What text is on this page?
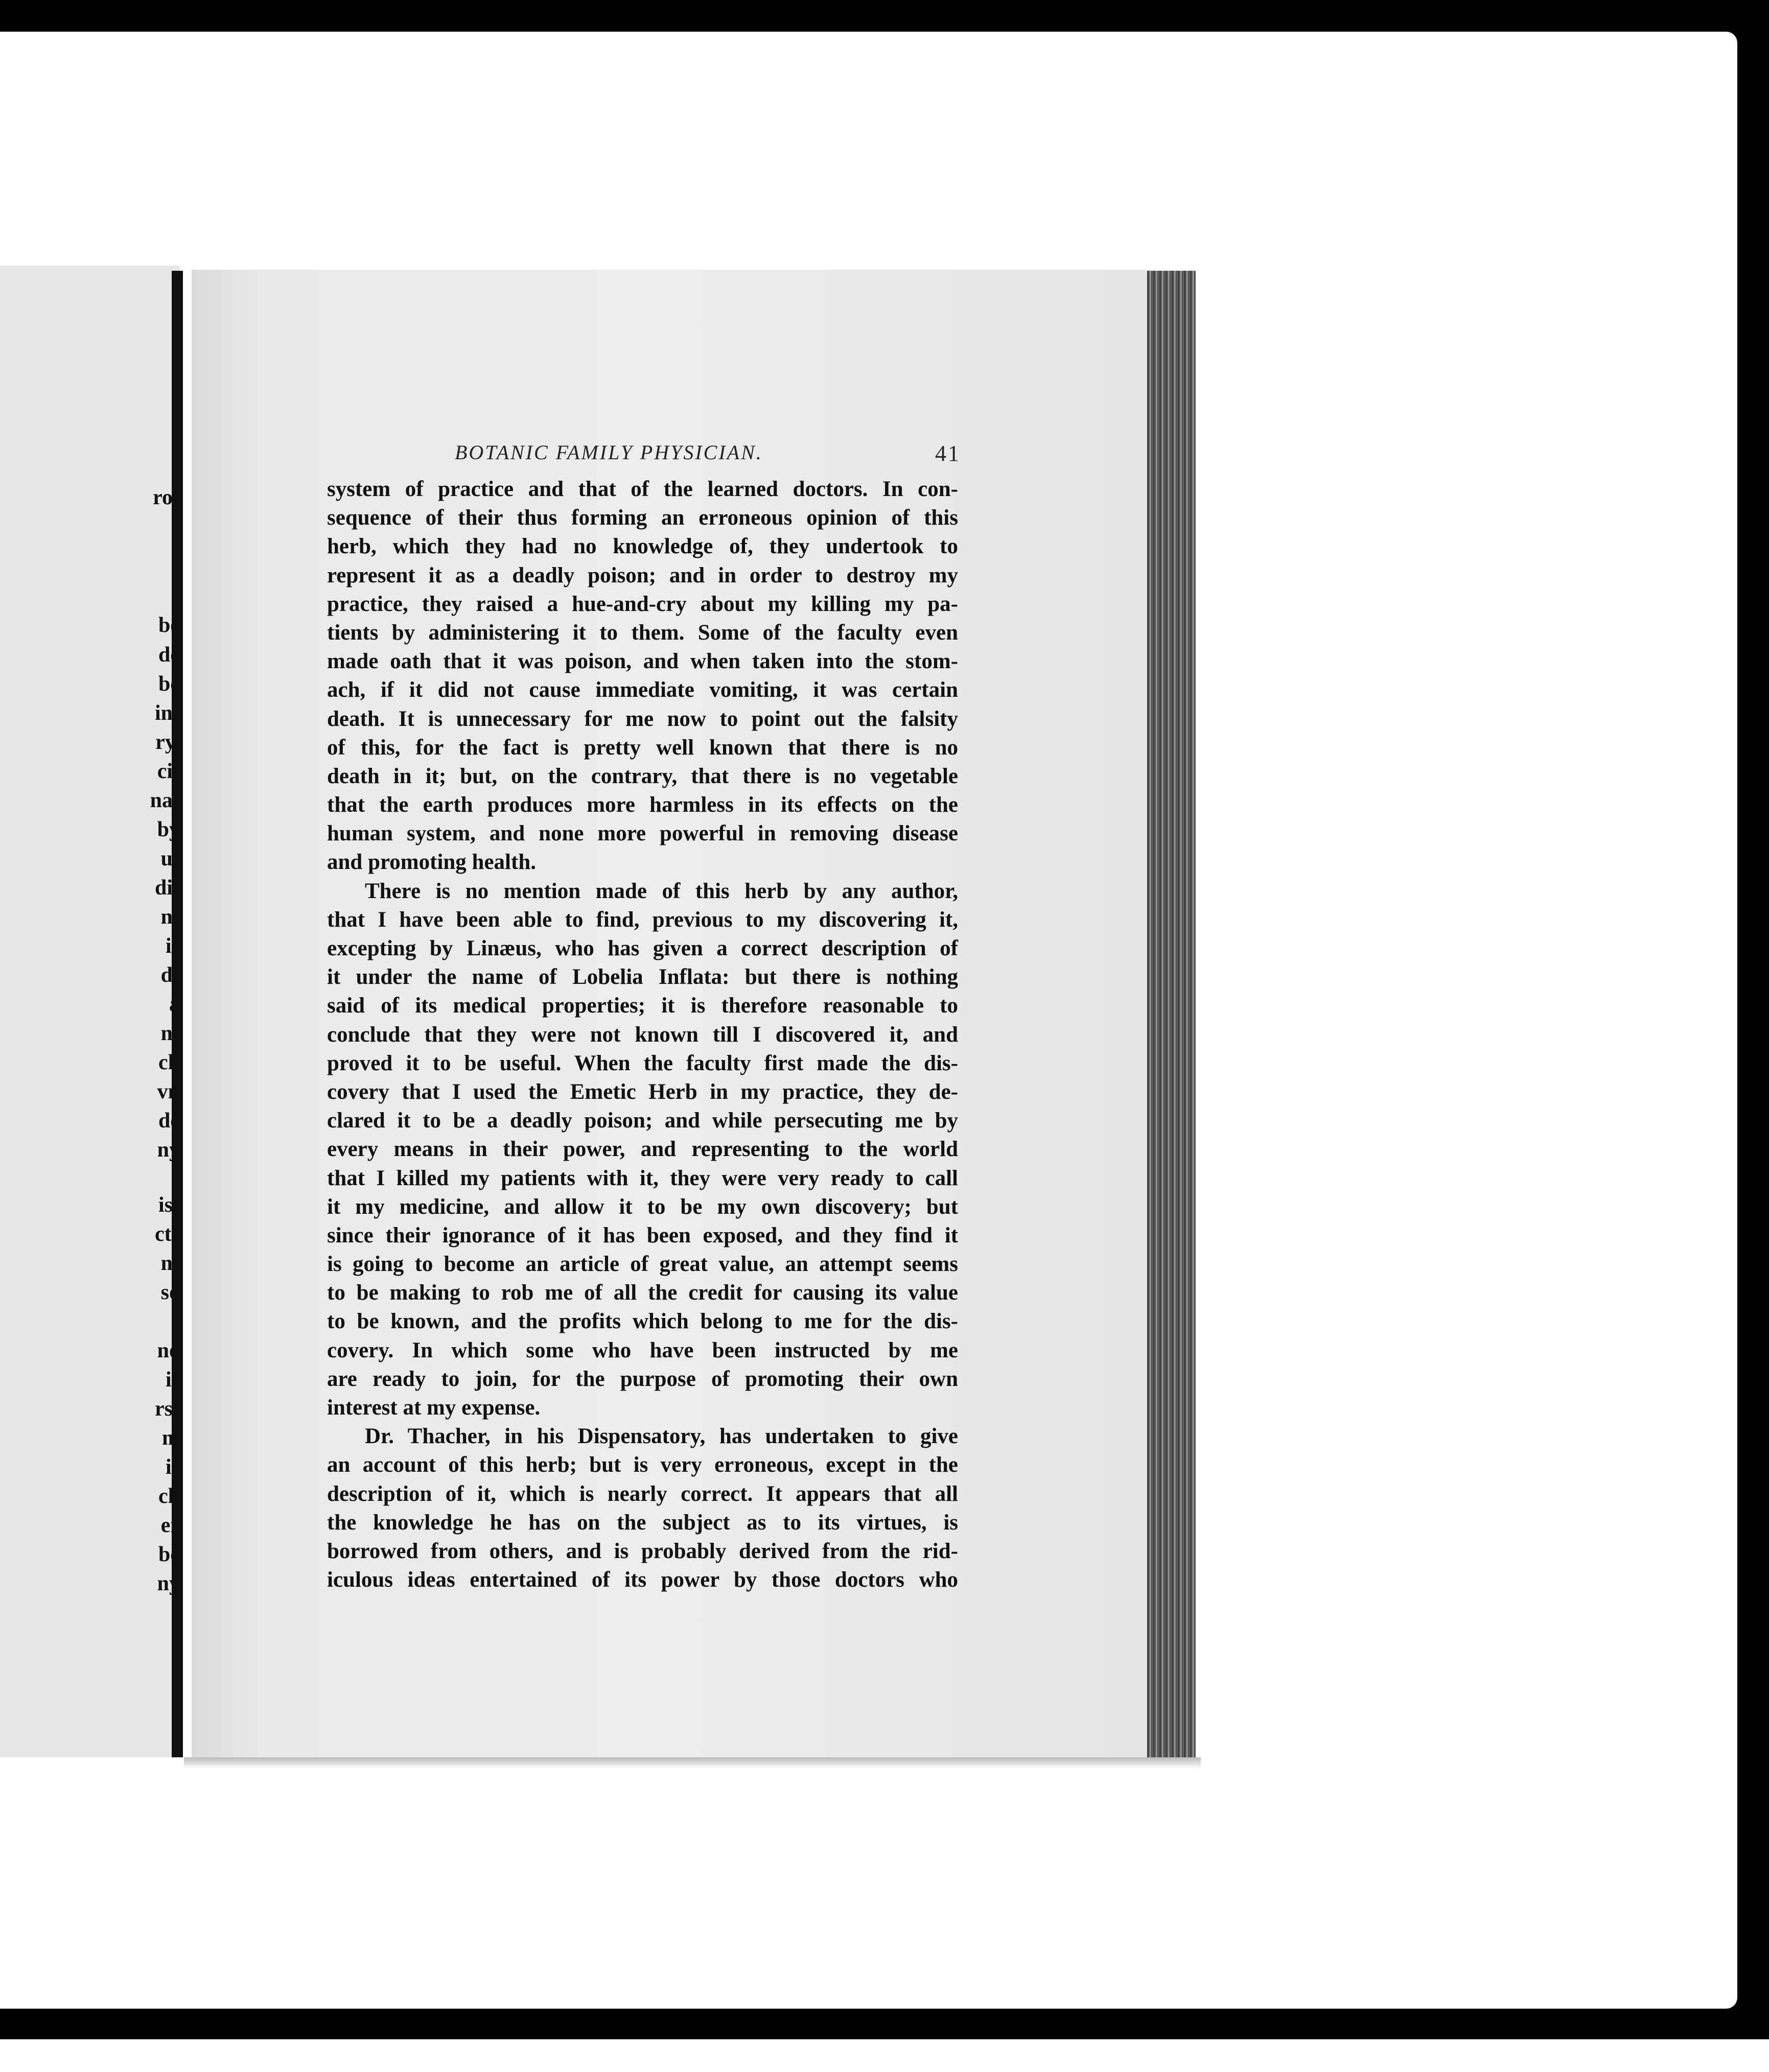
ro-
be
de
be
in-
ry.
ci-
na-
by
ut
di-
n-
is
d-
a
n-
ch
vn
de
ny
is-
cts
nt
so
I
no
is
rs-
m
is
ch
er
be
ny
BOTANIC FAMILY PHYSICIAN.	41
system of practice and that of the learned doctors. In con-
sequence of their thus forming an erroneous opinion of this
herb, which they had no knowledge of, they undertook to
represent it as a deadly poison; and in order to destroy my
practice, they raised a hue-and-cry about my killing my pa-
tients by administering it to them. Some of the faculty even
made oath that it was poison, and when taken into the stom-
ach, if it did not cause immediate vomiting, it was certain
death. It is unnecessary for me now to point out the falsity
of this, for the fact is pretty well known that there is no
death in it; but, on the contrary, that there is no vegetable
that the earth produces more harmless in its effects on the
human system, and none more powerful in removing disease
and promoting health.
There is no mention made of this herb by any author,
that I have been able to find, previous to my discovering it,
excepting by Linæus, who has given a correct description of
it under the name of Lobelia Inflata: but there is nothing
said of its medical properties; it is therefore reasonable to
conclude that they were not known till I discovered it, and
proved it to be useful. When the faculty first made the dis-
covery that I used the Emetic Herb in my practice, they de-
clared it to be a deadly poison; and while persecuting me by
every means in their power, and representing to the world
that I killed my patients with it, they were very ready to call
it my medicine, and allow it to be my own discovery; but
since their ignorance of it has been exposed, and they find it
is going to become an article of great value, an attempt seems
to be making to rob me of all the credit for causing its value
to be known, and the profits which belong to me for the dis-
covery. In which some who have been instructed by me
are ready to join, for the purpose of promoting their own
interest at my expense.
Dr. Thacher, in his Dispensatory, has undertaken to give
an account of this herb; but is very erroneous, except in the
description of it, which is nearly correct. It appears that all
the knowledge he has on the subject as to its virtues, is
borrowed from others, and is probably derived from the rid-
iculous ideas entertained of its power by those doctors who
